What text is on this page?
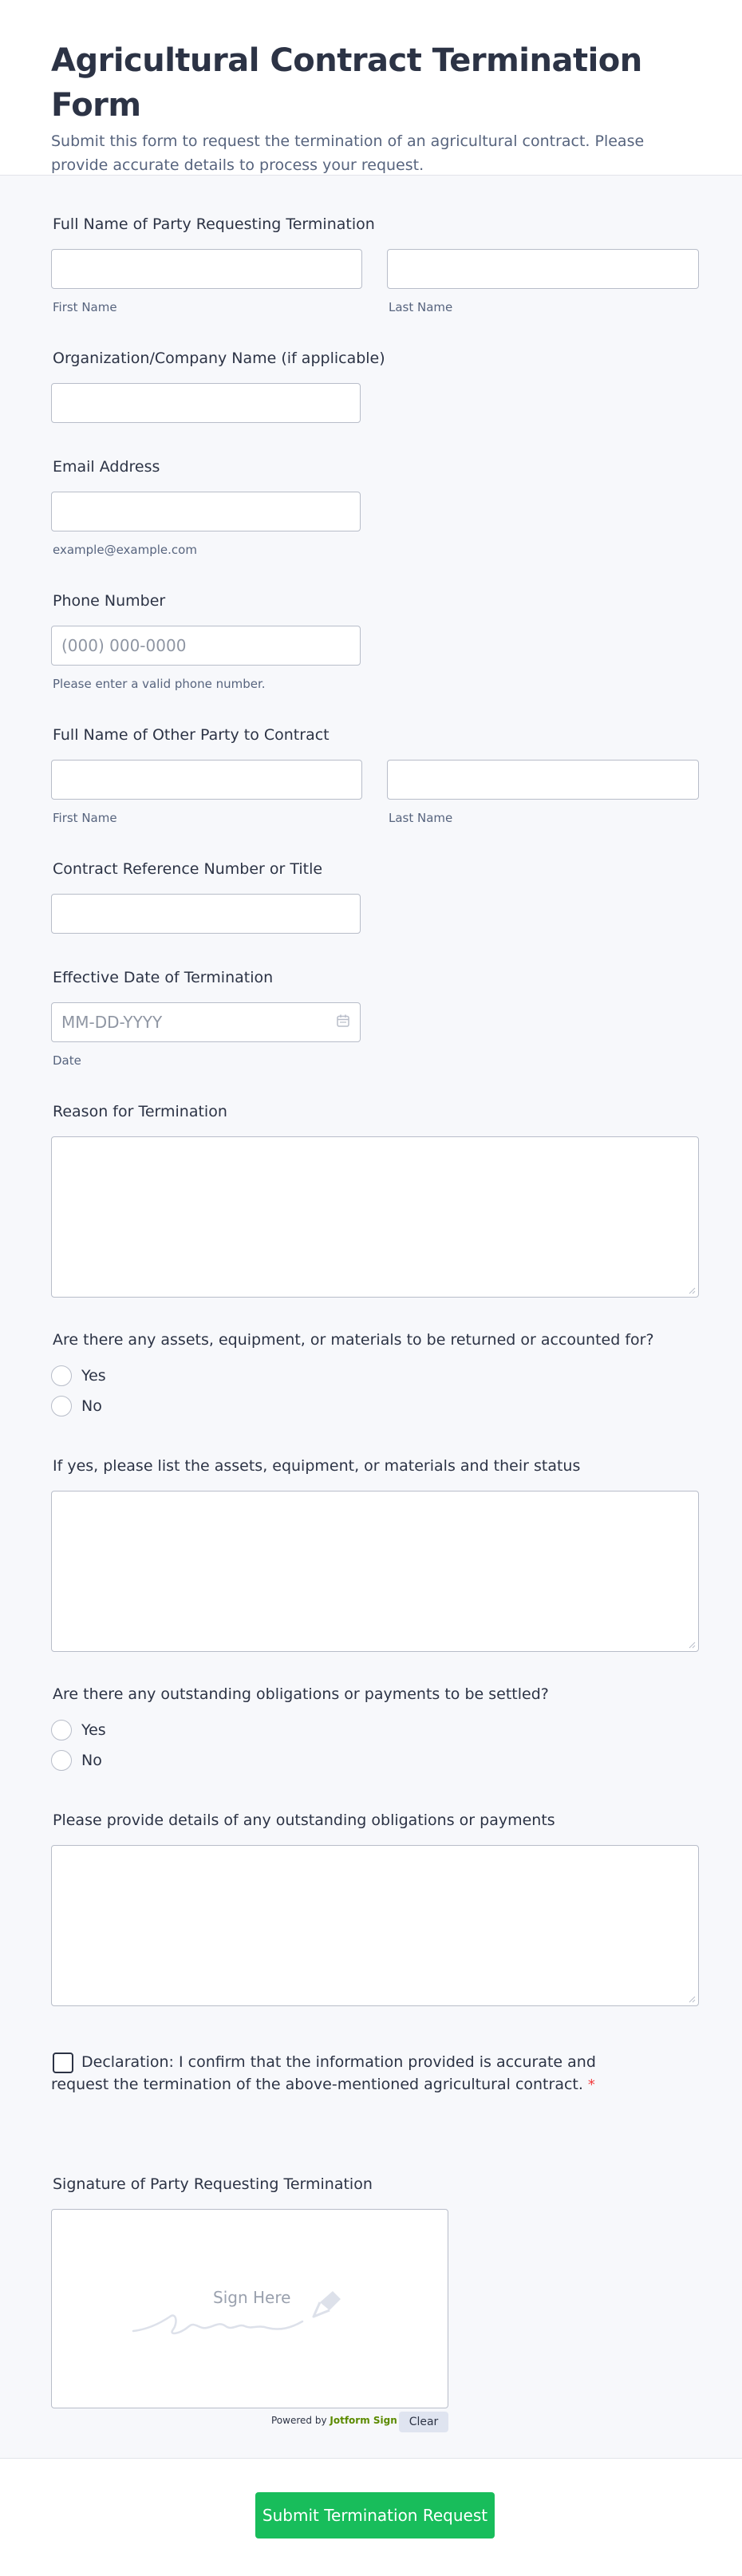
Agricultural Contract Termination Form
Submit this form to request the termination of an agricultural contract. Please provide accurate details to process your request.
Full Name of Party Requesting Termination
First Name	Last Name
Organization/Company Name (if applicable)
Email Address
example@example.com
Phone Number
(000) 000-0000
Please enter a valid phone number.
Full Name of Other Party to Contract
First Name	Last Name
Contract Reference Number or Title
Effective Date of Termination
MM-DD-YYYY
Date
Reason for Termination
Are there any assets, equipment, or materials to be returned or accounted for?
Yes
No
If yes, please list the assets, equipment, or materials and their status
Are there any outstanding obligations or payments to be settled?
Yes
No
Please provide details of any outstanding obligations or payments
Declaration: I confirm that the information provided is accurate and
request the termination of the above-mentioned agricultural contract. *
Signature of Party Requesting Termination
Sign Here
Powered by Jotform Sign	Clear
Submit Termination Request
